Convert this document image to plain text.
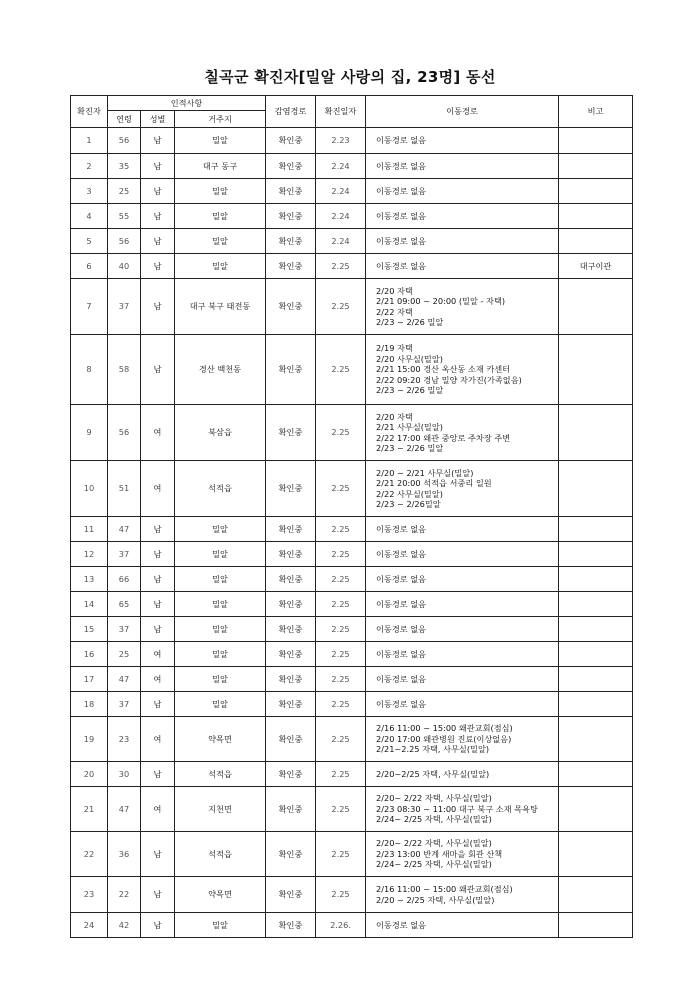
칠곡군 확진자[밀알 사랑의 집, 23명] 동선
확진자	인적사항			감염경로	확진일자	이동경로	비고
	연령	성별	거주지				
1	56	남	밀알	확인중	2.23	이동경로 없음	
2	35	남	대구 동구	확인중	2.24	이동경로 없음	
3	25	남	밀알	확인중	2.24	이동경로 없음	
4	55	남	밀알	확인중	2.24	이동경로 없음	
5	56	남	밀알	확인중	2.24	이동경로 없음	
6	40	남	밀알	확인중	2.25	이동경로 없음	대구이관
7	37	남	대구 북구 태전동	확인중	2.25	2/20 자택
2/21 09:00 ~ 20:00 (밀알 - 자택)
2/22 자택
2/23 ~ 2/26 밀알	
8	58	남	경산 백천동	확인중	2.25	2/19 자택
2/20 사무실(밀알)
2/21 15:00 경산 옥산동 소재 카센터
2/22 09:20 경남 밀양 자가진(가족없음)
2/23 ~ 2/26 밀알	
9	56	여	북삼읍	확인중	2.25	2/20 자택
2/21 사무실(밀알)
2/22 17:00 왜관 중앙로 주차장 주변
2/23 ~ 2/26 밀알	
10	51	여	석적읍	확인중	2.25	2/20 ~ 2/21 사무실(밀알)
2/21 20:00 석적읍 서중리 일원
2/22 사무실(밀알)
2/23 ~ 2/26밀알	
11	47	남	밀알	확인중	2.25	이동경로 없음	
12	37	남	밀알	확인중	2.25	이동경로 없음	
13	66	남	밀알	확인중	2.25	이동경로 없음	
14	65	남	밀알	확인중	2.25	이동경로 없음	
15	37	남	밀알	확인중	2.25	이동경로 없음	
16	25	여	밀알	확인중	2.25	이동경로 없음	
17	47	여	밀알	확인중	2.25	이동경로 없음	
18	37	남	밀알	확인중	2.25	이동경로 없음	
19	23	여	약목면	확인중	2.25	2/16 11:00 ~ 15:00 왜관교회(점심)
2/20 17:00 왜관병원 진료(이상없음)
2/21~2.25 자택, 사무실(밀알)	
20	30	남	석적읍	확인중	2.25	2/20~2/25 자택, 사무실(밀알)	
21	47	여	지천면	확인중	2.25	2/20~ 2/22 자택, 사무실(밀알)
2/23 08:30 ~ 11:00 대구 북구 소재 목욕탕
2/24~ 2/25 자택, 사무실(밀알)	
22	36	남	석적읍	확인중	2.25	2/20~ 2/22 자택, 사무실(밀알)
2/23 13:00 반계 새마을 회관 산책
2/24~ 2/25 자택, 사무실(밀알)	
23	22	남	약목면	확인중	2.25	2/16 11:00 ~ 15:00 왜관교회(점심)
2/20 ~ 2/25 자택, 사무실(밀알)	
24	42	남	밀알	확인중	2.26.	이동경로 없음	
